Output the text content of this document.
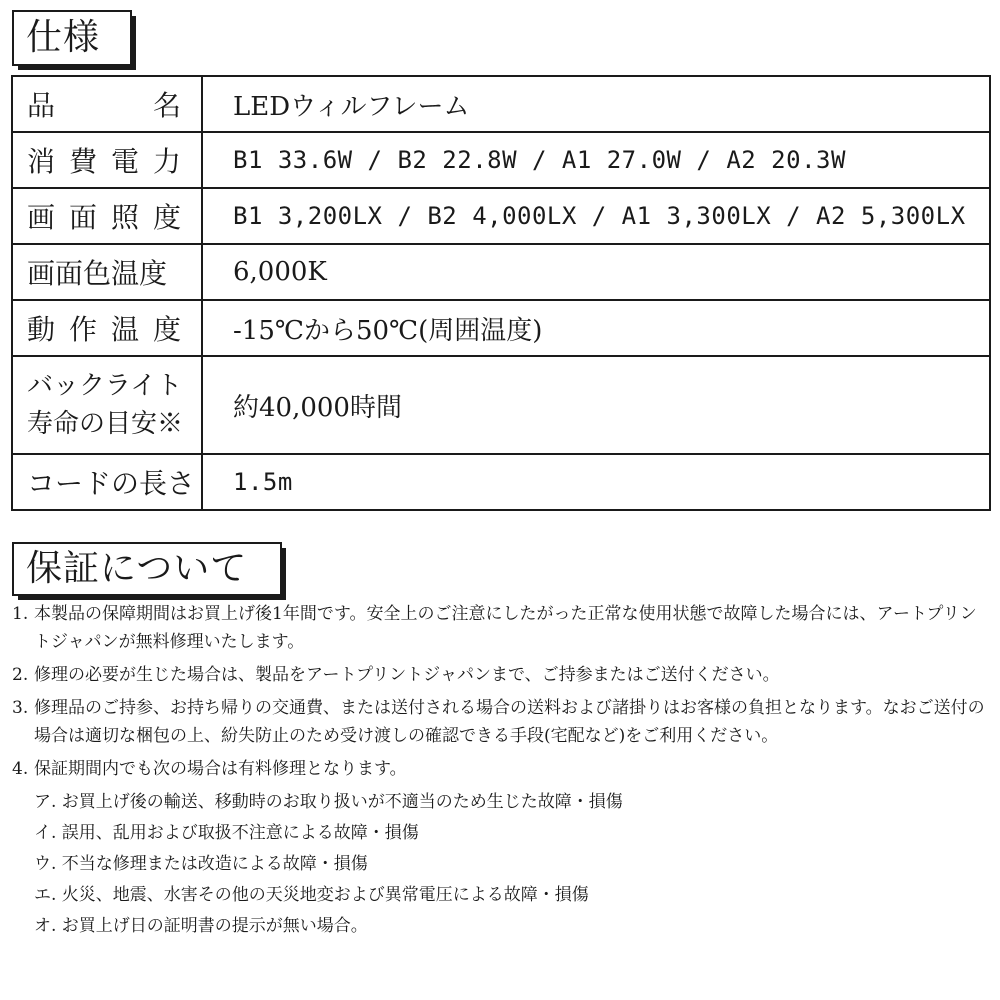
仕様
品 名	LEDウィルフレーム

消 費 電 力	B1 33.6W / B2 22.8W / A1 27.0W / A2 20.3W

画 面 照 度	B1 3,200LX / B2 4,000LX / A1 3,300LX / A2 5,300LX
画面色温度	6,000K

動 作 温 度	-15℃から50℃(周囲温度)

バックライト
寿命の目安※	約40,000時間
コードの長さ	1.5m
保証について
1. 本製品の保障期間はお買上げ後1年間です。安全上のご注意にしたがった正常な使用状態で故障した場合には、アートプリントジャパンが無料修理いたします。
2. 修理の必要が生じた場合は、製品をアートプリントジャパンまで、ご持参またはご送付ください。
3. 修理品のご持参、お持ち帰りの交通費、または送付される場合の送料および諸掛りはお客様の負担となります。なおご送付の場合は適切な梱包の上、紛失防止のため受け渡しの確認できる手段(宅配など)をご利用ください。
4. 保証期間内でも次の場合は有料修理となります。
ア. お買上げ後の輸送、移動時のお取り扱いが不適当のため生じた故障・損傷
イ. 誤用、乱用および取扱不注意による故障・損傷
ウ. 不当な修理または改造による故障・損傷
エ. 火災、地震、水害その他の天災地変および異常電圧による故障・損傷
オ. お買上げ日の証明書の提示が無い場合。
